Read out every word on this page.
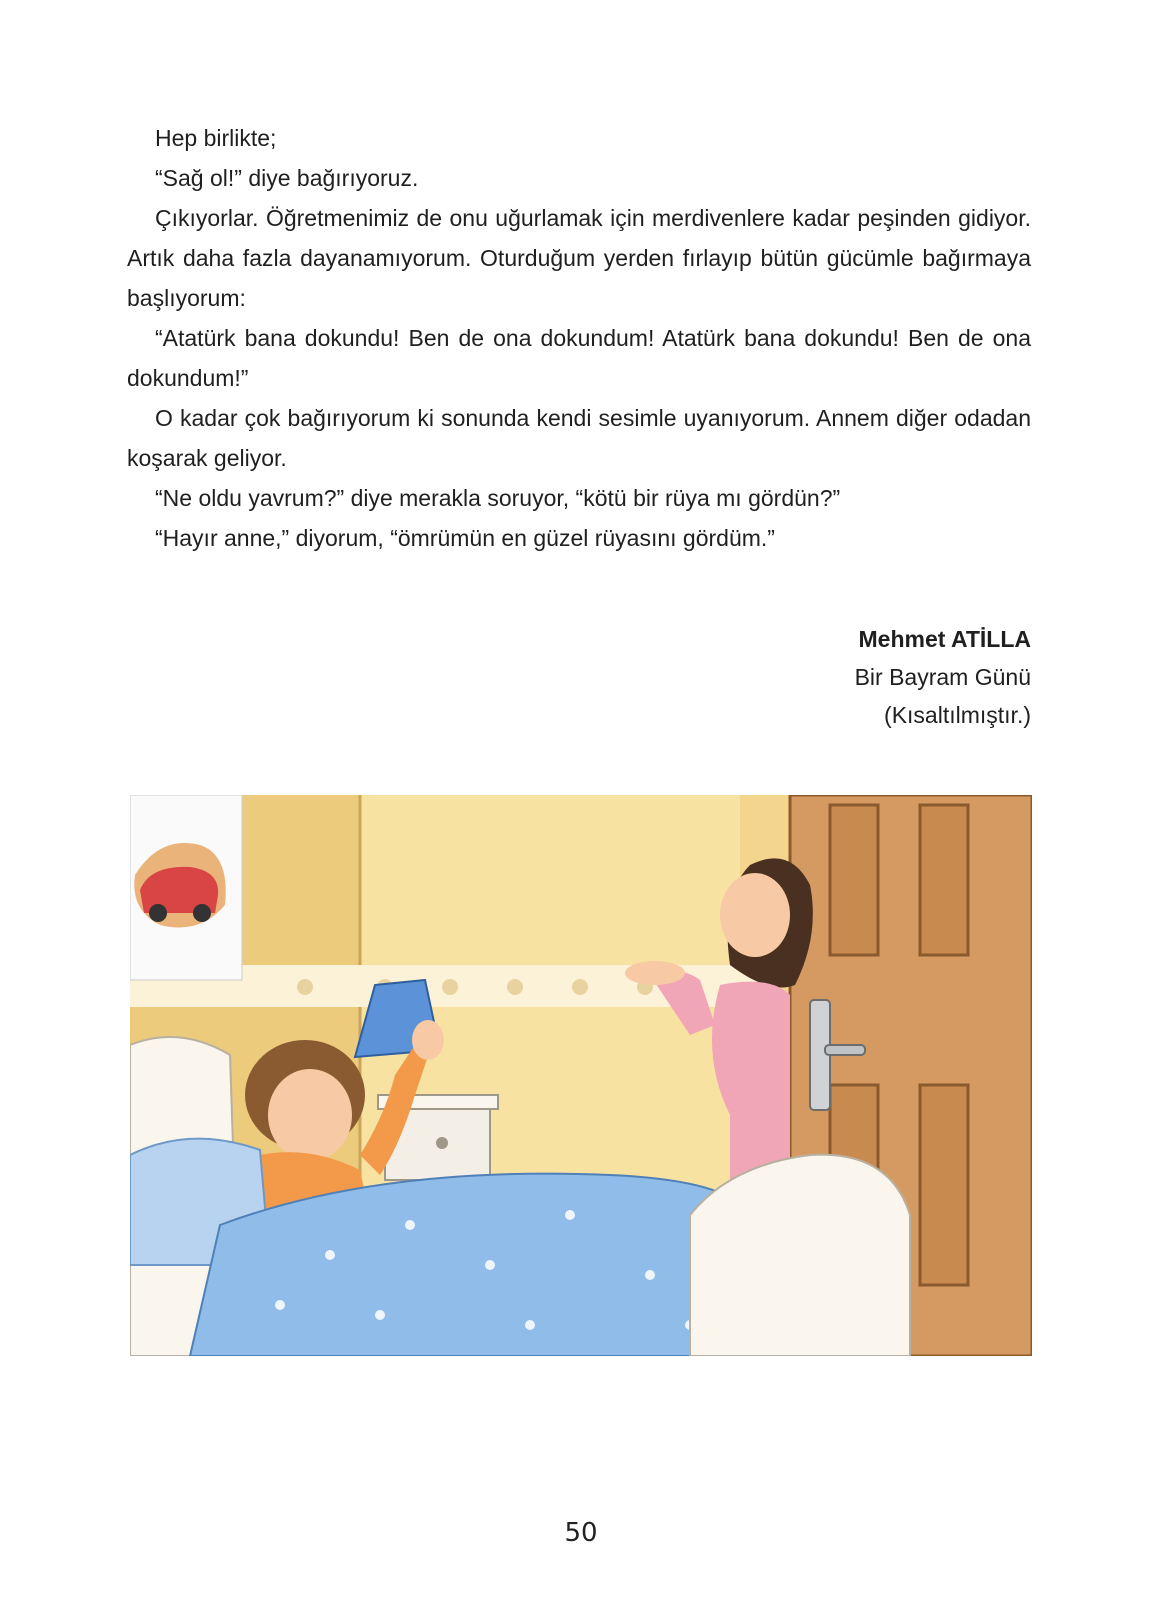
Hep birlikte;

“Sağ ol!” diye bağırıyoruz.

Çıkıyorlar. Öğretmenimiz de onu uğurlamak için merdivenlere kadar peşinden gidiyor. Artık daha fazla dayanamıyorum. Oturduğum yerden fırlayıp bütün gücümle bağırmaya başlıyorum:

“Atatürk bana dokundu! Ben de ona dokundum! Atatürk bana dokundu! Ben de ona dokundum!”

O kadar çok bağırıyorum ki sonunda kendi sesimle uyanıyorum. Annem diğer odadan koşarak geliyor.

“Ne oldu yavrum?” diye merakla soruyor, “kötü bir rüya mı gördün?”

“Hayır anne,” diyorum, “ömrümün en güzel rüyasını gördüm.”

Mehmet ATİLLA
Bir Bayram Günü
(Kısaltılmıştır.)
50
